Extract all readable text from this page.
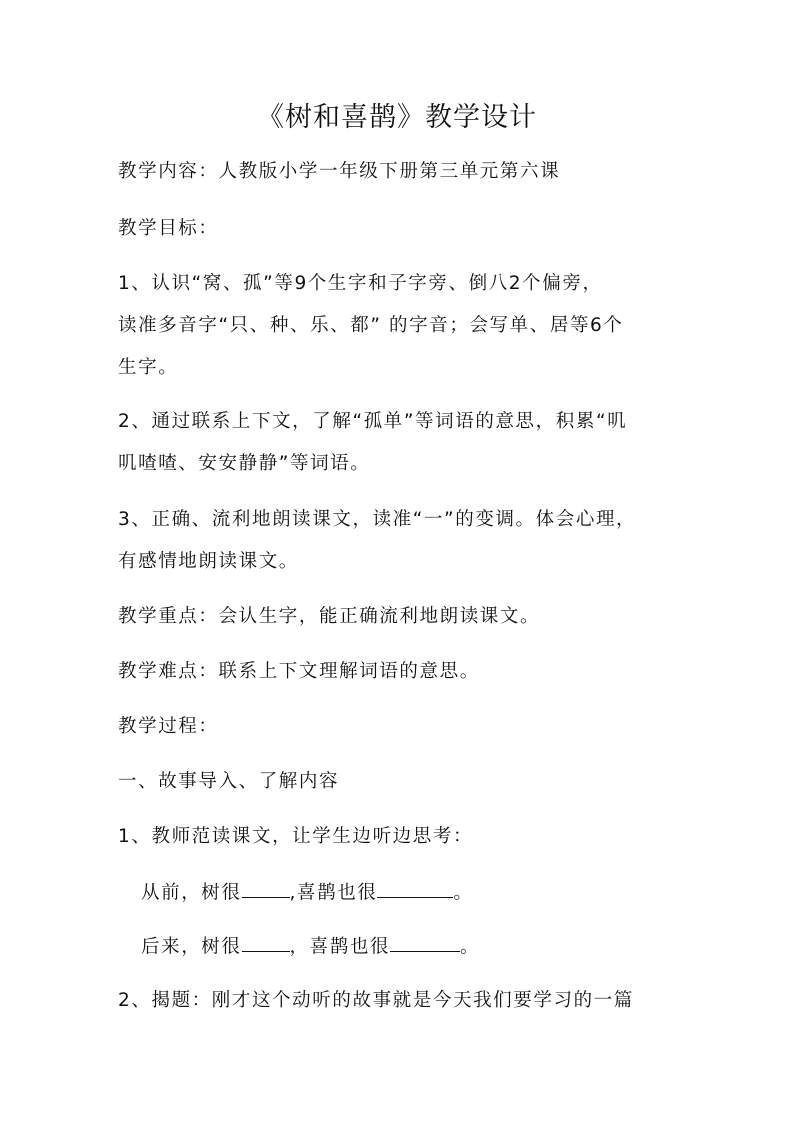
《树和喜鹊》教学设计
教学内容：人教版小学一年级下册第三单元第六课
教学目标：
1、认识“窝、孤”等9个生字和子字旁、倒八2个偏旁，
读准多音字“只、种、乐、都” 的字音；会写单、居等6个
生字。
2、通过联系上下文，了解“孤单”等词语的意思，积累“叽
叽喳喳、安安静静”等词语。
3、正确、流利地朗读课文，读准“一”的变调。体会心理，
有感情地朗读课文。
教学重点：会认生字，能正确流利地朗读课文。
教学难点：联系上下文理解词语的意思。
教学过程：
一、故事导入、了解内容
1、教师范读课文，让学生边听边思考：
从前，树很	,喜鹊也很	。
后来，树很	，喜鹊也很	。
2、揭题：刚才这个动听的故事就是今天我们要学习的一篇
